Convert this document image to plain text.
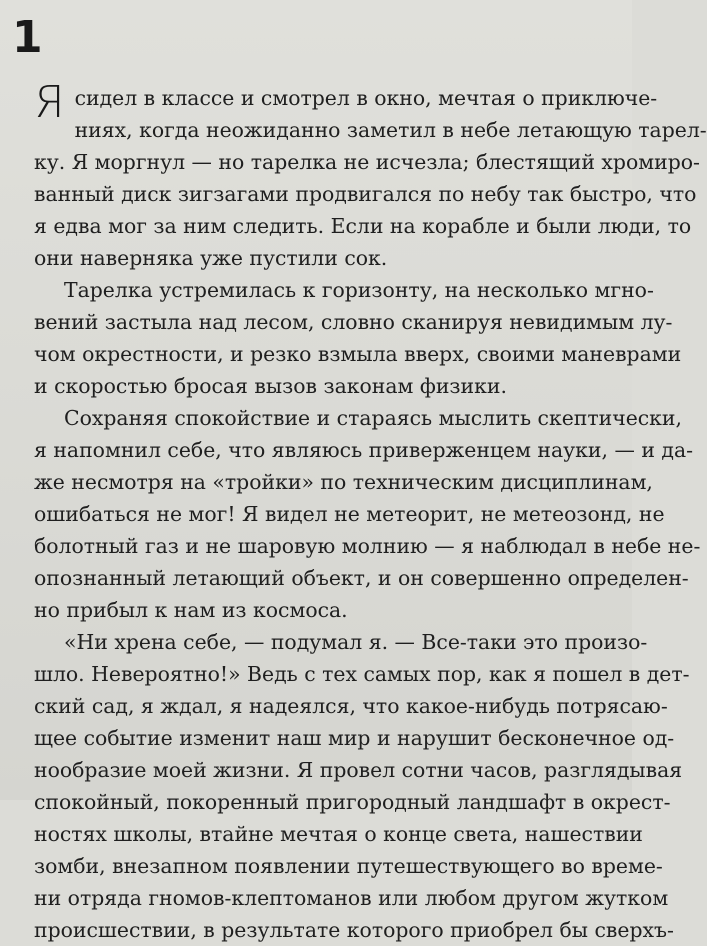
1
Ясидел в классе и смотрел в окно, мечтая о приключе-
ниях, когда неожиданно заметил в небе летающую тарел-
ку. Я моргнул — но тарелка не исчезла; блестящий хромиро-
ванный диск зигзагами продвигался по небу так быстро, что
я едва мог за ним следить. Если на корабле и были люди, то
они наверняка уже пустили сок.
Тарелка устремилась к горизонту, на несколько мгно-
вений застыла над лесом, словно сканируя невидимым лу-
чом окрестности, и резко взмыла вверх, своими маневрами
и скоростью бросая вызов законам физики.
Сохраняя спокойствие и стараясь мыслить скептически,
я напомнил себе, что являюсь приверженцем науки, — и да-
же несмотря на «тройки» по техническим дисциплинам,
ошибаться не мог! Я видел не метеорит, не метеозонд, не
болотный газ и не шаровую молнию — я наблюдал в небе не-
опознанный летающий объект, и он совершенно определен-
но прибыл к нам из космоса.
«Ни хрена себе, — подумал я. — Все-таки это произо-
шло. Невероятно!» Ведь с тех самых пор, как я пошел в дет-
ский сад, я ждал, я надеялся, что какое-нибудь потрясаю-
щее событие изменит наш мир и нарушит бесконечное од-
нообразие моей жизни. Я провел сотни часов, разглядывая
спокойный, покоренный пригородный ландшафт в окрест-
ностях школы, втайне мечтая о конце света, нашествии
зомби, внезапном появлении путешествующего во време-
ни отряда гномов-клептоманов или любом другом жутком
происшествии, в результате которого приобрел бы сверхъ-
